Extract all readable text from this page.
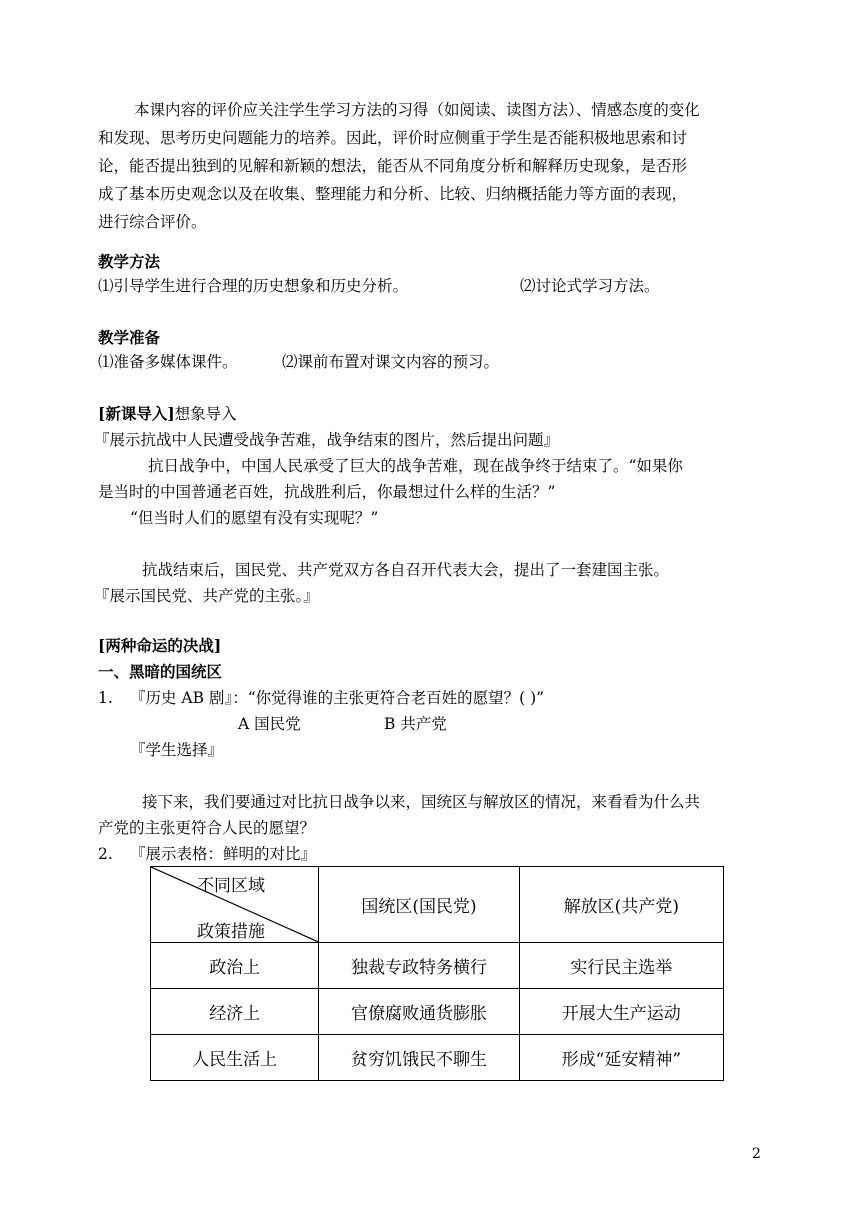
本课内容的评价应关注学生学习方法的习得（如阅读、读图方法）、情感态度的变化
和发现、思考历史问题能力的培养。因此，评价时应侧重于学生是否能积极地思索和讨
论，能否提出独到的见解和新颖的想法，能否从不同角度分析和解释历史现象，是否形
成了基本历史观念以及在收集、整理能力和分析、比较、归纳概括能力等方面的表现，
进行综合评价。
教学方法
⑴引导学生进行合理的历史想象和历史分析。	⑵讨论式学习方法。
教学准备
⑴准备多媒体课件。	⑵课前布置对课文内容的预习。
[新课导入]想象导入
『展示抗战中人民遭受战争苦难，战争结束的图片，然后提出问题』
抗日战争中，中国人民承受了巨大的战争苦难，现在战争终于结束了。“如果你
是当时的中国普通老百姓，抗战胜利后，你最想过什么样的生活？”
“但当时人们的愿望有没有实现呢？”
抗战结束后，国民党、共产党双方各自召开代表大会，提出了一套建国主张。
『展示国民党、共产党的主张。』
[两种命运的决战]
一、黑暗的国统区
1. 『历史 AB 剧』：“你觉得谁的主张更符合老百姓的愿望？( )”
A 国民党	B 共产党
『学生选择』
接下来，我们要通过对比抗日战争以来，国统区与解放区的情况，来看看为什么共
产党的主张更符合人民的愿望？
2. 『展示表格：鲜明的对比』
不同区域
政策措施	国统区(国民党)	解放区(共产党)
政治上	独裁专政特务横行	实行民主选举
经济上	官僚腐败通货膨胀	开展大生产运动
人民生活上	贫穷饥饿民不聊生	形成“延安精神”
2
